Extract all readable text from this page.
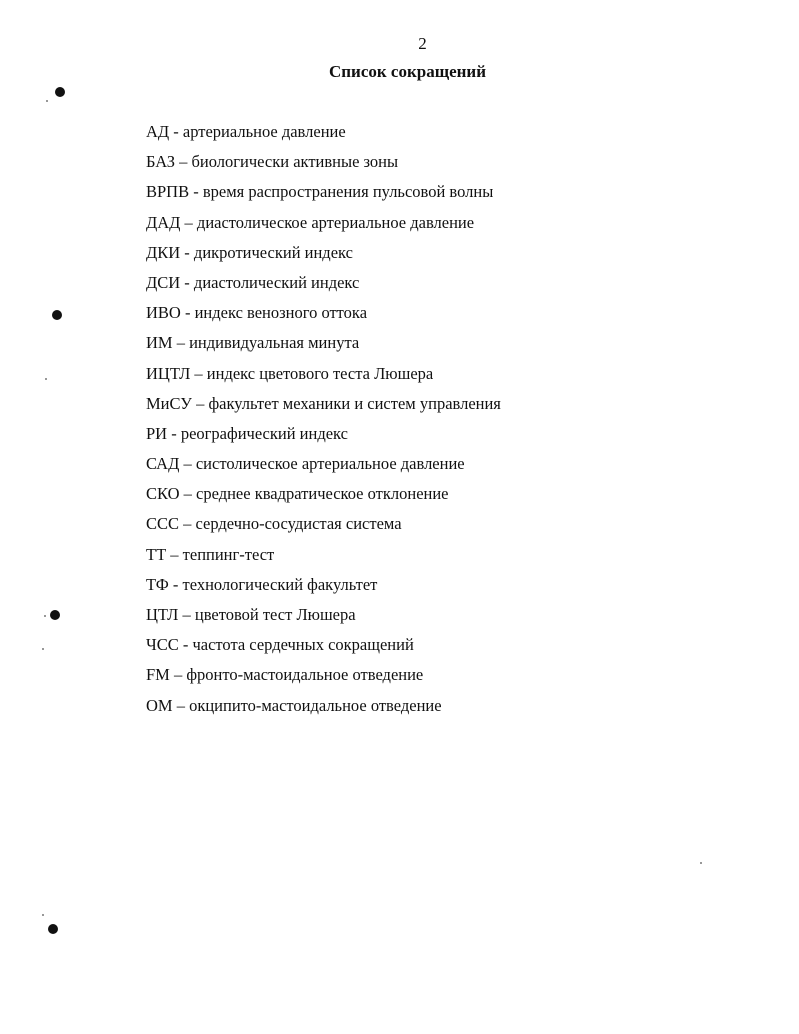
2
Список сокращений
АД - артериальное давление
БАЗ – биологически активные зоны
ВРПВ - время распространения пульсовой волны
ДАД – диастолическое артериальное давление
ДКИ - дикротический индекс
ДСИ - диастолический индекс
ИВО - индекс венозного оттока
ИМ – индивидуальная минута
ИЦТЛ – индекс цветового теста Люшера
МиСУ – факультет механики и систем управления
РИ - реографический индекс
САД – систолическое артериальное давление
СКО – среднее квадратическое отклонение
ССС – сердечно-сосудистая система
ТТ – теппинг-тест
ТФ - технологический факультет
ЦТЛ – цветовой тест Люшера
ЧСС - частота сердечных сокращений
FM – фронто-мастоидальное отведение
ОМ – окципито-мастоидальное отведение
